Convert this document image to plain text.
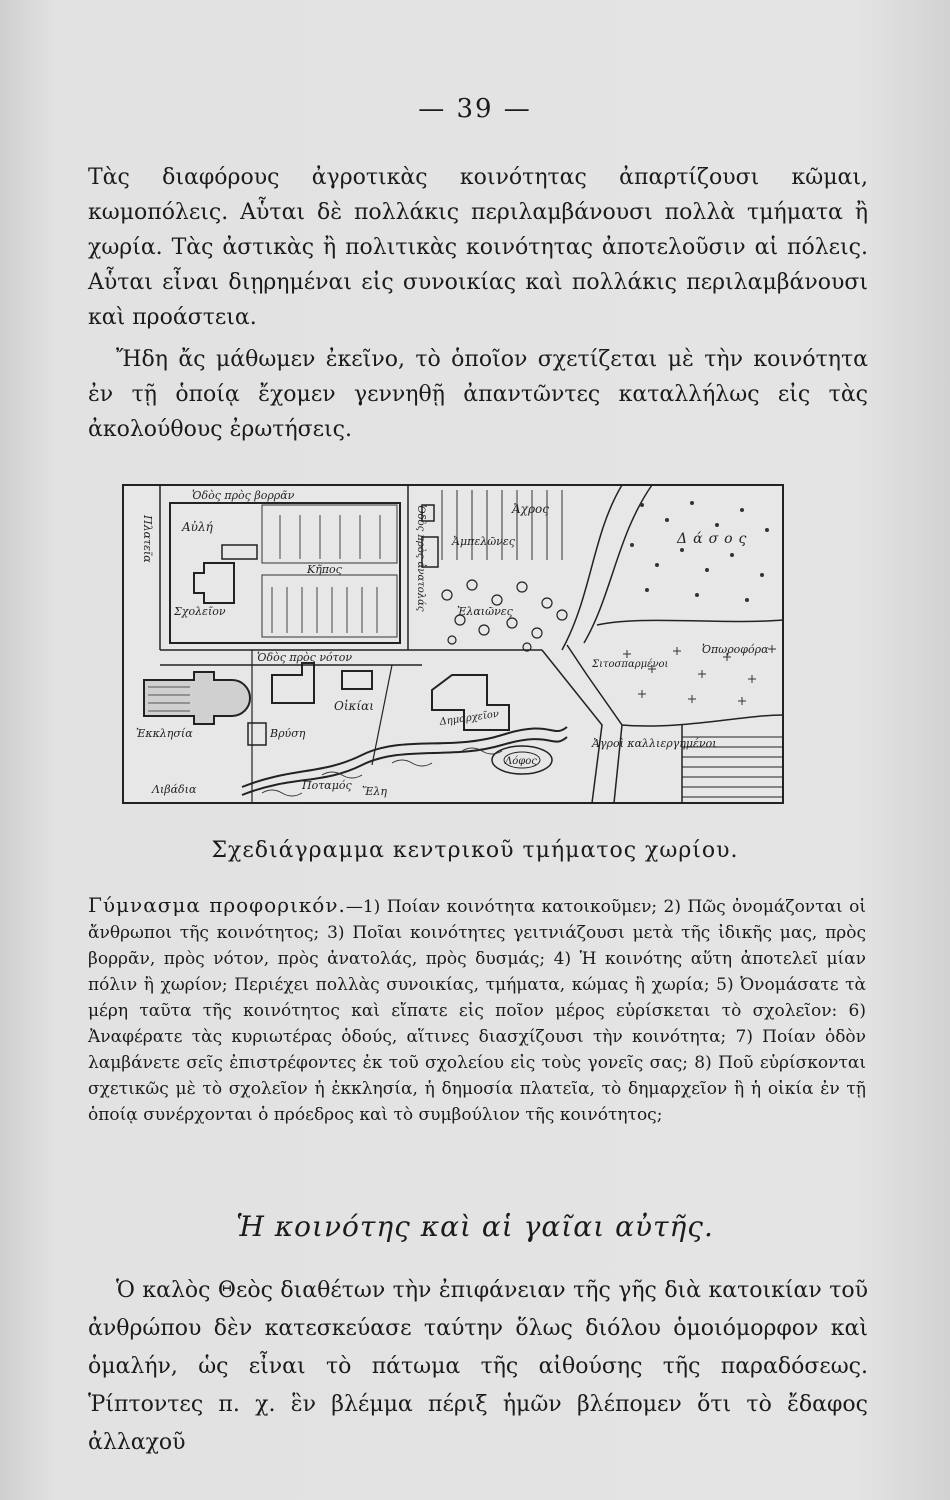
— 39 —
Τὰς διαφόρους ἀγροτικὰς κοινότητας ἀπαρτίζουσι κῶμαι, κωμοπόλεις. Αὗται δὲ πολλάκις περιλαμβάνουσι πολλὰ τμήματα ἢ χωρία. Τὰς ἀστικὰς ἢ πολιτικὰς κοινότητας ἀποτελοῦσιν αἱ πόλεις. Αὗται εἶναι διῃρημέναι εἰς συνοικίας καὶ πολλάκις περιλαμβάνουσι καὶ προάστεια.
Ἤδη ἄς μάθωμεν ἐκεῖνο, τὸ ὁποῖον σχετίζεται μὲ τὴν κοινότητα ἐν τῇ ὁποίᾳ ἔχομεν γεννηθῇ ἀπαντῶντες καταλλήλως εἰς τὰς ἀκολούθους ἐρωτήσεις.
Ὁδὸς πρὸς βορρᾶν
Ὁδὸς πρὸς νότον
Ὁδὸς πρὸς ἀνατολάς
Πλατεῖα Αὐλή
Κῆπος
Σχολεῖον
Ἐκκλησία
Οἰκίαι
Βρύση
Λιβάδια	Ποταμός Ἕλη
Ἀχρος
Ἀμπελῶνες	Δάσος
Ἐλαιῶνες
Σιτοσπαρμένοι
Λόφος
Δημαρχεῖον
Ἀγροὶ καλλιεργημένοι
Ὀπωροφόρα
Σχεδιάγραμμα κεντρικοῦ τμήματος χωρίου.
Γύμνασμα προφορικόν.—1) Ποίαν κοινότητα κατοικοῦμεν; 2) Πῶς ὀνομάζονται οἱ ἄνθρωποι τῆς κοινότητος; 3) Ποῖαι κοινότητες γειτνιάζουσι μετὰ τῆς ἰδικῆς μας, πρὸς βορρᾶν, πρὸς νότον, πρὸς ἀνατολάς, πρὸς δυσμάς; 4) Ἡ κοινότης αὕτη ἀποτελεῖ μίαν πόλιν ἢ χωρίον; Περιέχει πολλὰς συνοικίας, τμήματα, κώμας ἢ χωρία; 5) Ὀνομάσατε τὰ μέρη ταῦτα τῆς κοινότητος καὶ εἴπατε εἰς ποῖον μέρος εὑρίσκεται τὸ σχολεῖον: 6) Ἀναφέρατε τὰς κυριωτέρας ὁδούς, αἵτινες διασχίζουσι τὴν κοινότητα; 7) Ποίαν ὁδὸν λαμβάνετε σεῖς ἐπιστρέφοντες ἐκ τοῦ σχολείου εἰς τοὺς γονεῖς σας; 8) Ποῦ εὑρίσκονται σχετικῶς μὲ τὸ σχολεῖον ἡ ἐκκλησία, ἡ δημοσία πλατεῖα, τὸ δημαρχεῖον ἢ ἡ οἰκία ἐν τῇ ὁποίᾳ συνέρχονται ὁ πρόεδρος καὶ τὸ συμβούλιον τῆς κοινότητος;
Ἡ κοινότης καὶ αἱ γαῖαι αὐτῆς.
Ὁ καλὸς Θεὸς διαθέτων τὴν ἐπιφάνειαν τῆς γῆς διὰ κατοικίαν τοῦ ἀνθρώπου δὲν κατεσκεύασε ταύτην ὅλως διόλου ὁμοιόμορφον καὶ ὁμαλήν, ὡς εἶναι τὸ πάτωμα τῆς αἰθούσης τῆς παραδόσεως. Ῥίπτοντες π. χ. ἓν βλέμμα πέριξ ἡμῶν βλέπομεν ὅτι τὸ ἔδαφος ἀλλαχοῦ
